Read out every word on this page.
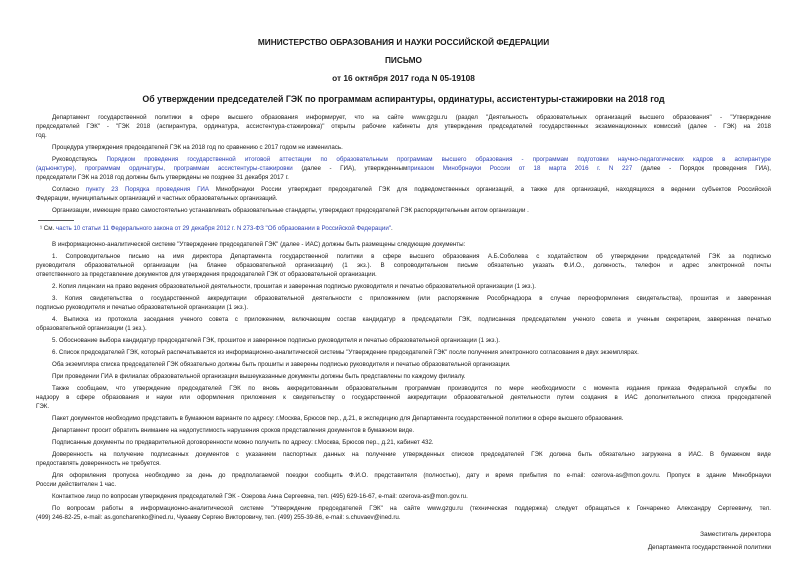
МИНИСТЕРСТВО ОБРАЗОВАНИЯ И НАУКИ РОССИЙСКОЙ ФЕДЕРАЦИИ
ПИСЬМО
от 16 октября 2017 года N 05-19108
Об утверждении председателей ГЭК по программам аспирантуры, ординатуры, ассистентуры-стажировки на 2018 год
Департамент государственной политики в сфере высшего образования информирует, что на сайте www.gzgu.ru (раздел "Деятельность образовательных организаций высшего образования" - "Утверждение
председателей ГЭК" - "ГЭК 2018 (аспирантура, ординатура, ассистентура-стажировка)" открыты рабочие кабинеты для утверждения председателей государственных экзаменационных комиссий (далее - ГЭК) на 2018
год.
Процедура утверждения председателей ГЭК на 2018 год по сравнению с 2017 годом не изменилась.
Руководствуясь Порядком проведения государственной итоговой аттестации по образовательным программам высшего образования - программам подготовки научно-педагогических кадров в аспирантуре
(адъюнктуре), программам ординатуры, программам ассистентуры-стажировки (далее - ГИА), утвержденнымприказом Минобрнауки России от 18 марта 2016 г. N 227 (далее - Порядок проведения ГИА),
председатели ГЭК на 2018 год должны быть утверждены не позднее 31 декабря 2017 г.
Согласно пункту 23 Порядка проведения ГИА Минобрнауки России утверждает председателей ГЭК для подведомственных организаций, а также для организаций, находящихся в ведении субъектов Российской
Федерации, муниципальных организаций и частных образовательных организаций.
Организации, имеющие право самостоятельно устанавливать образовательные стандарты, утверждают председателей ГЭК распорядительным актом организации .
¹ См. часть 10 статьи 11 Федерального закона от 29 декабря 2012 г. N 273-ФЗ "Об образовании в Российской Федерации".
В информационно-аналитической системе "Утверждение председателей ГЭК" (далее - ИАС) должны быть размещены следующие документы:
1. Сопроводительное письмо на имя директора Департамента государственной политики в сфере высшего образования А.Б.Соболева с ходатайством об утверждении председателей ГЭК за подписью
руководителя образовательной организации (на бланке образовательной организации) (1 экз.). В сопроводительном письме обязательно указать Ф.И.О., должность, телефон и адрес электронной почты
ответственного за представление документов для утверждения председателей ГЭК от образовательной организации.
2. Копия лицензии на право ведения образовательной деятельности, прошитая и заверенная подписью руководителя и печатью образовательной организации (1 экз.).
3. Копия свидетельства о государственной аккредитации образовательной деятельности с приложением (или распоряжение Рособрнадзора в случае переоформления свидетельства), прошитая и заверенная
подписью руководителя и печатью образовательной организации (1 экз.).
4. Выписка из протокола заседания ученого совета с приложением, включающим состав кандидатур в председатели ГЭК, подписанная председателем ученого совета и ученым секретарем, заверенная печатью
образовательной организации (1 экз.).
5. Обоснование выбора кандидатур председателей ГЭК, прошитое и заверенное подписью руководителя и печатью образовательной организации (1 экз.).
6. Список председателей ГЭК, который распечатывается из информационно-аналитической системы "Утверждение председателей ГЭК" после получения электронного согласования в двух экземплярах.
Оба экземпляра списка председателей ГЭК обязательно должны быть прошиты и заверены подписью руководителя и печатью образовательной организации.
При проведении ГИА в филиалах образовательной организации вышеуказанные документы должны быть представлены по каждому филиалу.
Также сообщаем, что утверждение председателей ГЭК по вновь аккредитованным образовательным программам производится по мере необходимости с момента издания приказа Федеральной службы по
надзору в сфере образования и науки или оформления приложения к свидетельству о государственной аккредитации образовательной деятельности путем создания в ИАС дополнительного списка председателей
ГЭК.
Пакет документов необходимо представить в бумажном варианте по адресу: г.Москва, Брюсов пер., д.21, в экспедицию для Департамента государственной политики в сфере высшего образования.
Департамент просит обратить внимание на недопустимость нарушения сроков представления документов в бумажном виде.
Подписанные документы по предварительной договоренности можно получить по адресу: г.Москва, Брюсов пер., д.21, кабинет 432.
Доверенность на получение подписанных документов с указанием паспортных данных на получение утвержденных списков председателей ГЭК должна быть обязательно загружена в ИАС. В бумажном виде
предоставлять доверенность не требуется.
Для оформления пропуска необходимо за день до предполагаемой поездки сообщить Ф.И.О. представителя (полностью), дату и время прибытия по e-mail: ozerova-as@mon.gov.ru. Пропуск в здание Минобрнауки
России действителен 1 час.
Контактное лицо по вопросам утверждения председателей ГЭК - Озерова Анна Сергеевна, тел. (495) 629-16-67, e-mail: ozerova-as@mon.gov.ru.
По вопросам работы в информационно-аналитической системе "Утверждение председателей ГЭК" на сайте www.gzgu.ru (техническая поддержка) следует обращаться к Гончаренко Александру Сергеевичу, тел.
(499) 246-82-25, e-mail: as.goncharenko@ined.ru, Чуваеву Сергею Викторовичу, тел. (499) 255-39-86, e-mail: s.chuvaev@ined.ru.
Заместитель директора
Департамента государственной политики
